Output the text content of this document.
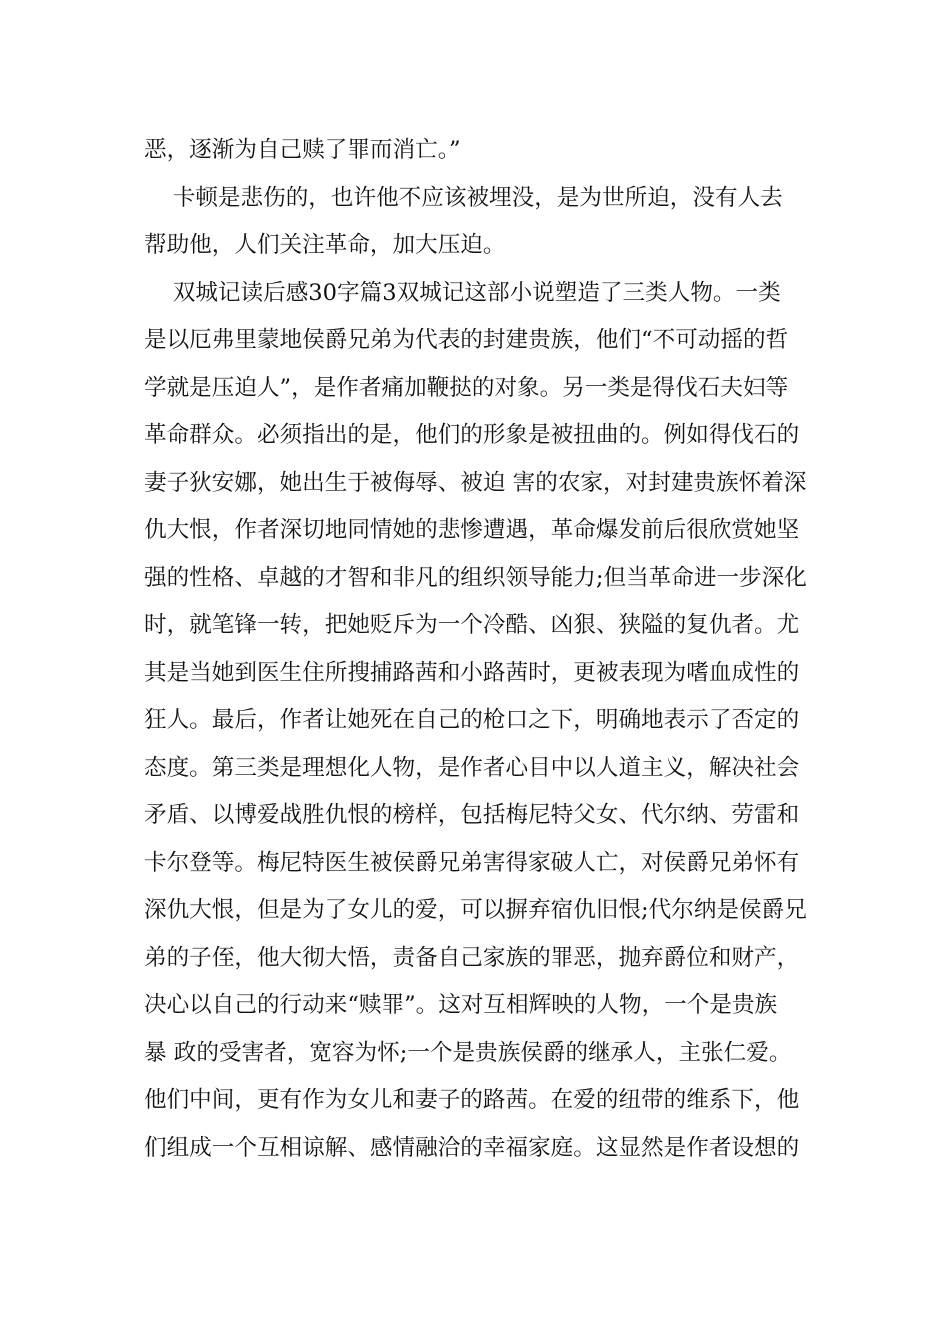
恶，逐渐为自己赎了罪而消亡。”
卡顿是悲伤的，也许他不应该被埋没，是为世所迫，没有人去
帮助他，人们关注革命，加大压迫。
双城记读后感30字篇3双城记这部小说塑造了三类人物。一类
是以厄弗里蒙地侯爵兄弟为代表的封建贵族，他们“不可动摇的哲
学就是压迫人”，是作者痛加鞭挞的对象。另一类是得伐石夫妇等
革命群众。必须指出的是，他们的形象是被扭曲的。例如得伐石的
妻子狄安娜，她出生于被侮辱、被迫 害的农家，对封建贵族怀着深
仇大恨，作者深切地同情她的悲惨遭遇，革命爆发前后很欣赏她坚
强的性格、卓越的才智和非凡的组织领导能力;但当革命进一步深化
时，就笔锋一转，把她贬斥为一个冷酷、凶狠、狭隘的复仇者。尤
其是当她到医生住所搜捕路茜和小路茜时，更被表现为嗜血成性的
狂人。最后，作者让她死在自己的枪口之下，明确地表示了否定的
态度。第三类是理想化人物，是作者心目中以人道主义，解决社会
矛盾、以博爱战胜仇恨的榜样，包括梅尼特父女、代尔纳、劳雷和
卡尔登等。梅尼特医生被侯爵兄弟害得家破人亡，对侯爵兄弟怀有
深仇大恨，但是为了女儿的爱，可以摒弃宿仇旧恨;代尔纳是侯爵兄
弟的子侄，他大彻大悟，责备自己家族的罪恶，抛弃爵位和财产，
决心以自己的行动来“赎罪”。这对互相辉映的人物，一个是贵族
暴 政的受害者，宽容为怀;一个是贵族侯爵的继承人，主张仁爱。
他们中间，更有作为女儿和妻子的路茜。在爱的纽带的维系下，他
们组成一个互相谅解、感情融洽的幸福家庭。这显然是作者设想的
